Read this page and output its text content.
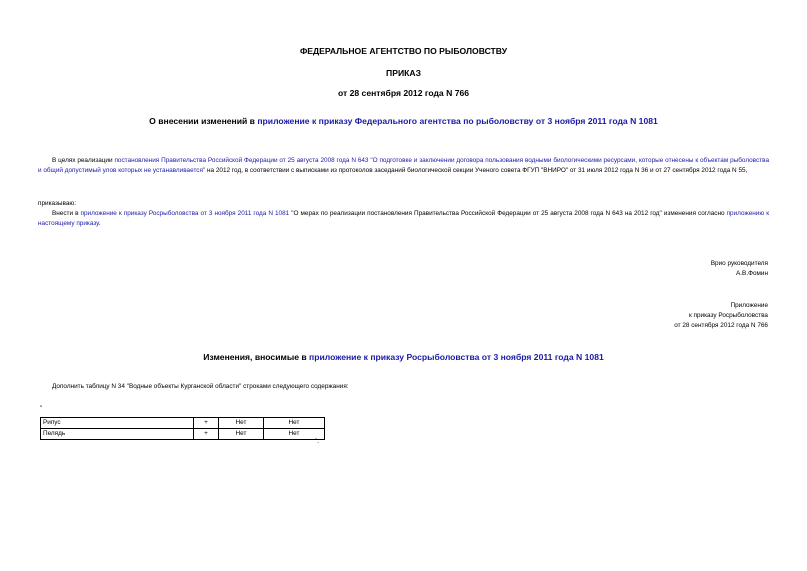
ФЕДЕРАЛЬНОЕ АГЕНТСТВО ПО РЫБОЛОВСТВУ
ПРИКАЗ
от 28 сентября 2012 года N 766
О внесении изменений в приложение к приказу Федерального агентства по рыболовству от 3 ноября 2011 года N 1081
В целях реализации постановления Правительства Российской Федерации от 25 августа 2008 года N 643 "О подготовке и заключении договора пользования водными биологическими ресурсами, которые отнесены к объектам рыболовства и общий допустимый улов которых не устанавливается" на 2012 год, в соответствии с выписками из протоколов заседаний биологической секции Ученого совета ФГУП "ВНИРО" от 31 июля 2012 года N 36 и от 27 сентября 2012 года N 55,
приказываю:
Внести в приложение к приказу Росрыболовства от 3 ноября 2011 года N 1081 "О мерах по реализации постановления Правительства Российской Федерации от 25 августа 2008 года N 643 на 2012 год" изменения согласно приложению к настоящему приказу.
Врио руководителя
А.В.Фомин
Приложение
к приказу Росрыболовства
от 28 сентября 2012 года N 766
Изменения, вносимые в приложение к приказу Росрыболовства от 3 ноября 2011 года N 1081
Дополнить таблицу N 34 "Водные объекты Курганской области" строками следующего содержания:
"
Рипус	+	Нет	Нет
Пелядь	+	Нет	Нет
".
